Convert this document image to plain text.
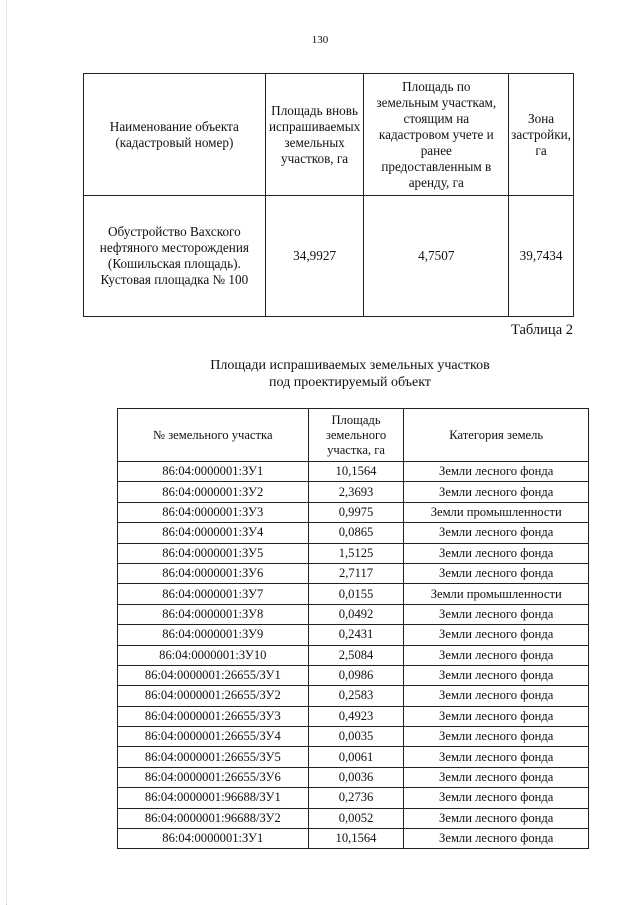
130
Наименование объекта (кадастровый номер)	Площадь вновь испрашиваемых земельных участков, га	Площадь по земельным участкам, стоящим на кадастровом учете и ранее предоставленным в аренду, га	Зона застройки, га
Обустройство Вахского нефтяного месторождения (Кошильская площадь). Кустовая площадка № 100	34,9927	4,7507	39,7434
Таблица 2
Площади испрашиваемых земельных участков
под проектируемый объект
№ земельного участка	Площадь земельного участка, га	Категория земель
86:04:0000001:ЗУ1	10,1564	Земли лесного фонда
86:04:0000001:ЗУ2	2,3693	Земли лесного фонда
86:04:0000001:ЗУ3	0,9975	Земли промышленности
86:04:0000001:ЗУ4	0,0865	Земли лесного фонда
86:04:0000001:ЗУ5	1,5125	Земли лесного фонда
86:04:0000001:ЗУ6	2,7117	Земли лесного фонда
86:04:0000001:ЗУ7	0,0155	Земли промышленности
86:04:0000001:ЗУ8	0,0492	Земли лесного фонда
86:04:0000001:ЗУ9	0,2431	Земли лесного фонда
86:04:0000001:ЗУ10	2,5084	Земли лесного фонда
86:04:0000001:26655/ЗУ1	0,0986	Земли лесного фонда
86:04:0000001:26655/ЗУ2	0,2583	Земли лесного фонда
86:04:0000001:26655/ЗУ3	0,4923	Земли лесного фонда
86:04:0000001:26655/ЗУ4	0,0035	Земли лесного фонда
86:04:0000001:26655/ЗУ5	0,0061	Земли лесного фонда
86:04:0000001:26655/ЗУ6	0,0036	Земли лесного фонда
86:04:0000001:96688/ЗУ1	0,2736	Земли лесного фонда
86:04:0000001:96688/ЗУ2	0,0052	Земли лесного фонда
86:04:0000001:ЗУ1	10,1564	Земли лесного фонда
